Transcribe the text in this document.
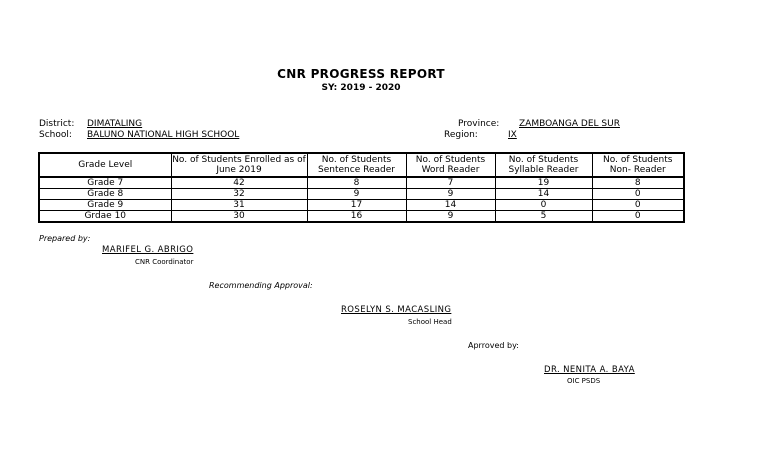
CNR PROGRESS REPORT
SY: 2019 - 2020
District: DIMATALING
School: BALUNO NATIONAL HIGH SCHOOL
Province: ZAMBOANGA DEL SUR
Region:	IX
Grade Level	No. of Students Enrolled as of June 2019	No. of Students Sentence Reader	No. of Students Word Reader	No. of Students Syllable Reader	No. of Students Non- Reader
Grade 7	42	8	7	19	8
Grade 8	32	9	9	14	0
Grade 9	31	17	14	0	0
Grdae 10	30	16	9	5	0
Prepared by:
MARIFEL G. ABRIGO
CNR Coordinator
Recommending Approval:
ROSELYN S. MACASLING
School Head
Aprroved by:
DR. NENITA A. BAYA
OIC PSDS
